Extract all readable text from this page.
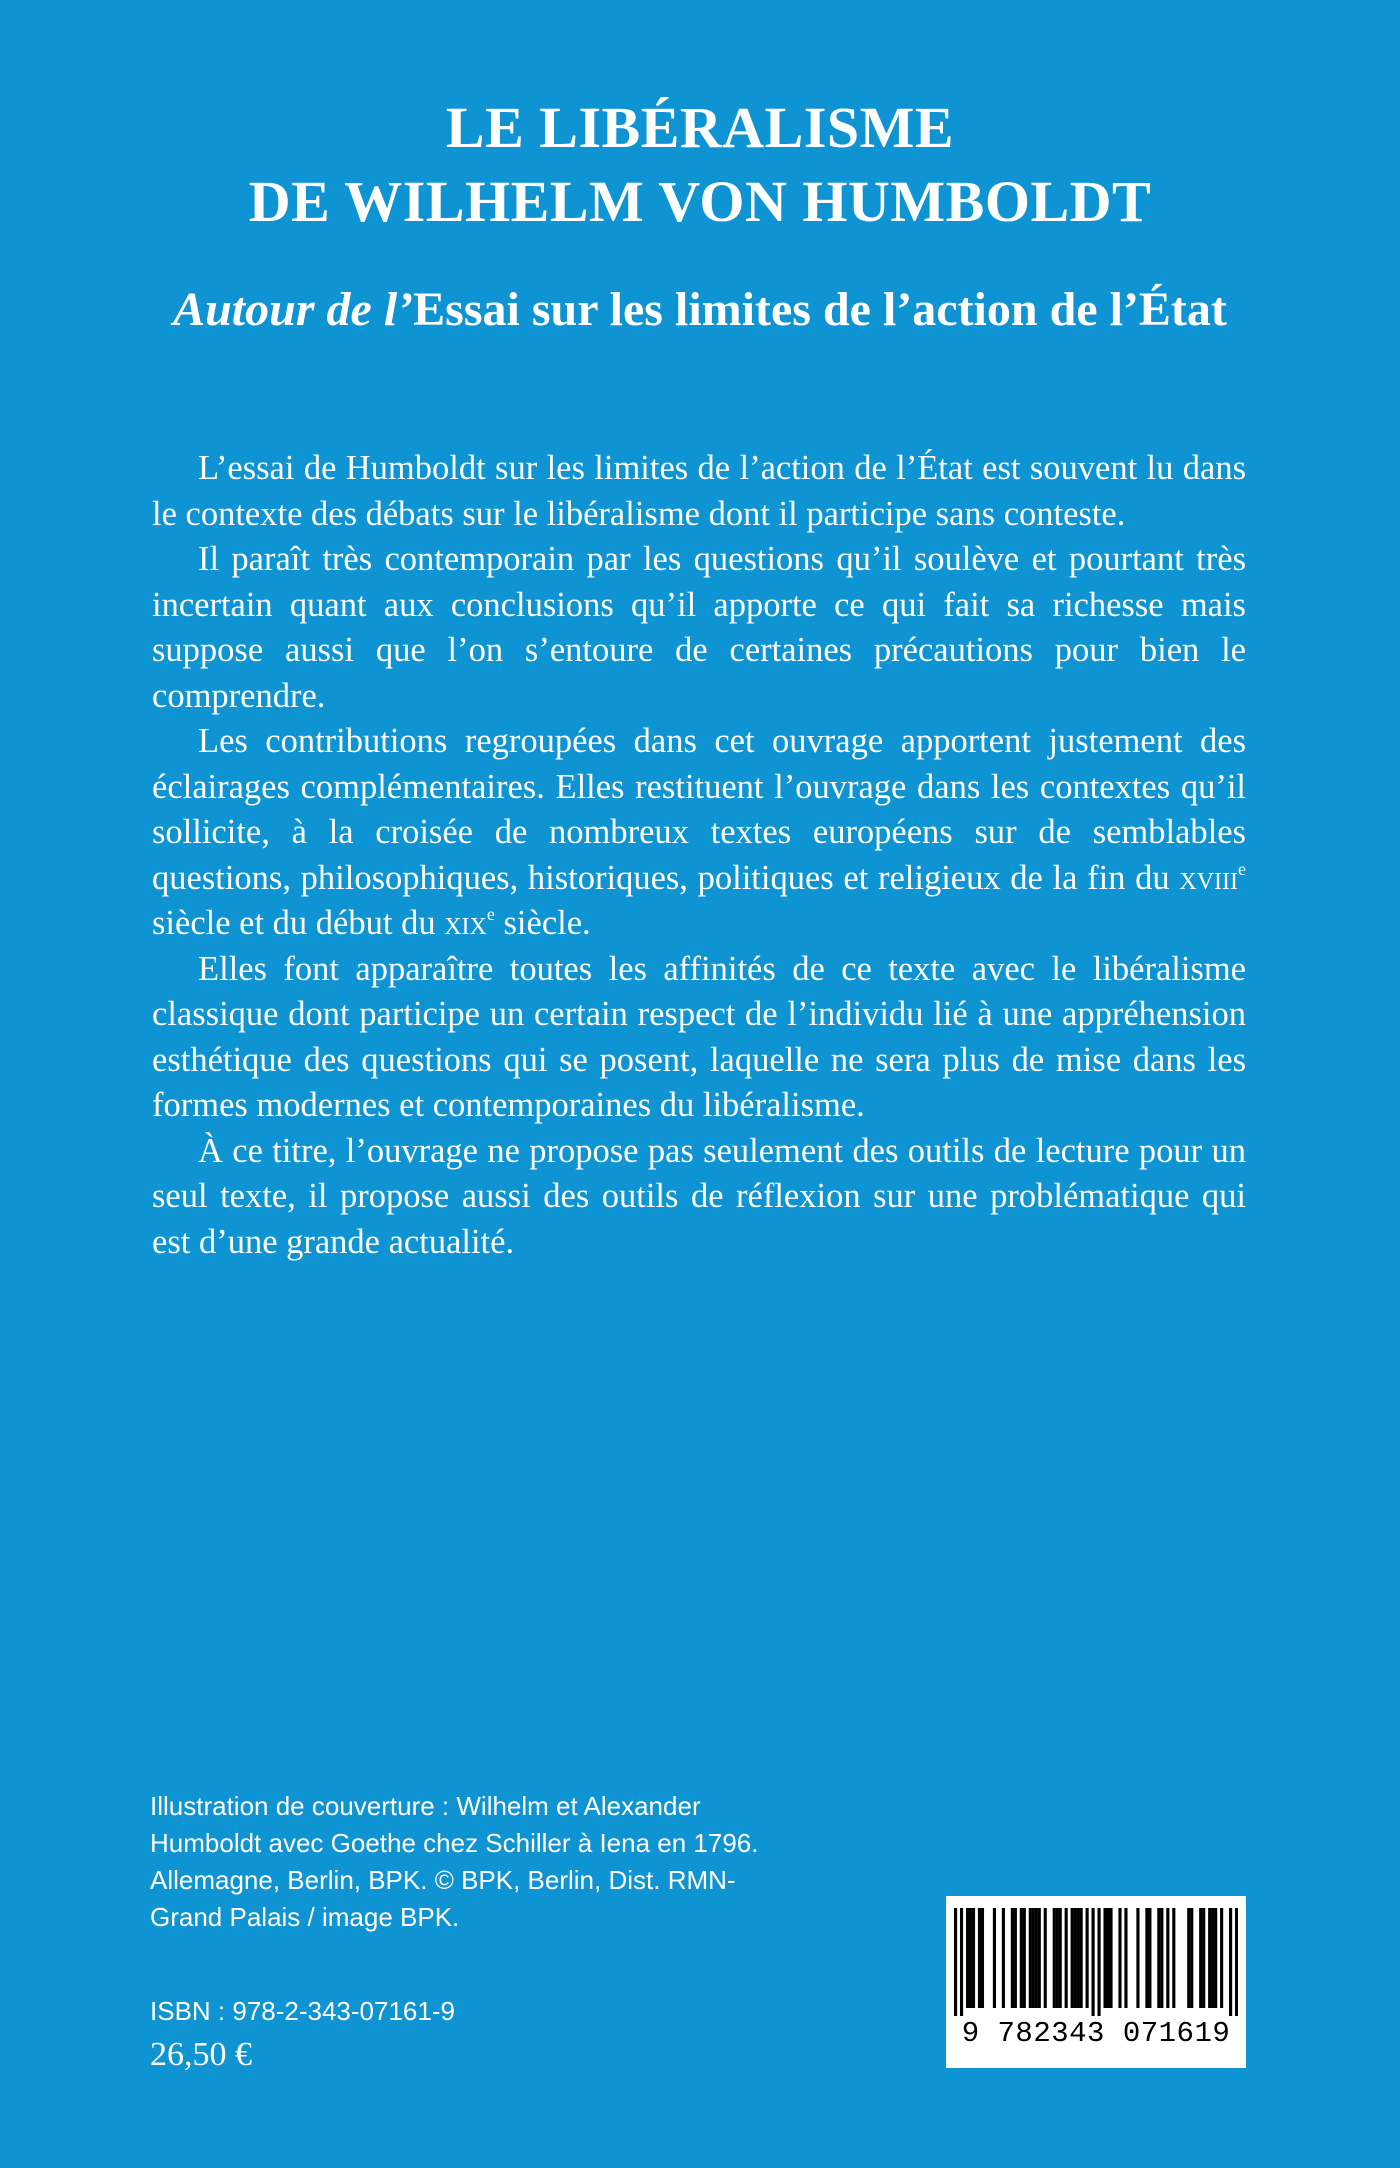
LE LIBÉRALISME
DE WILHELM VON HUMBOLDT
Autour de l’Essai sur les limites de l’action de l’État

L’essai de Humboldt sur les limites de l’action de l’État est souvent lu dans le contexte des débats sur le libéralisme dont il participe sans conteste.

Il paraît très contemporain par les questions qu’il soulève et pourtant très incertain quant aux conclusions qu’il apporte ce qui fait sa richesse mais suppose aussi que l’on s’entoure de certaines précautions pour bien le comprendre.

Les contributions regroupées dans cet ouvrage apportent justement des éclairages complémentaires. Elles restituent l’ouvrage dans les contextes qu’il sollicite, à la croisée de nombreux textes européens sur de semblables questions, philosophiques, historiques, politiques et religieux de la fin du xviii$^e$ siècle et du début du xix$^e$ siècle.

Elles font apparaître toutes les affinités de ce texte avec le libéralisme classique dont participe un certain respect de l’individu lié à une appréhension esthétique des questions qui se posent, laquelle ne sera plus de mise dans les formes modernes et contemporaines du libéralisme.

À ce titre, l’ouvrage ne propose pas seulement des outils de lecture pour un seul texte, il propose aussi des outils de réflexion sur une problématique qui est d’une grande actualité.

Illustration de couverture : Wilhelm et Alexander Humboldt avec Goethe chez Schiller à Iena en 1796. Allemagne, Berlin, BPK. © BPK, Berlin, Dist. RMN-Grand Palais / image BPK.

ISBN : 978-2-343-07161-9
26,50 €
9 782343 071619
